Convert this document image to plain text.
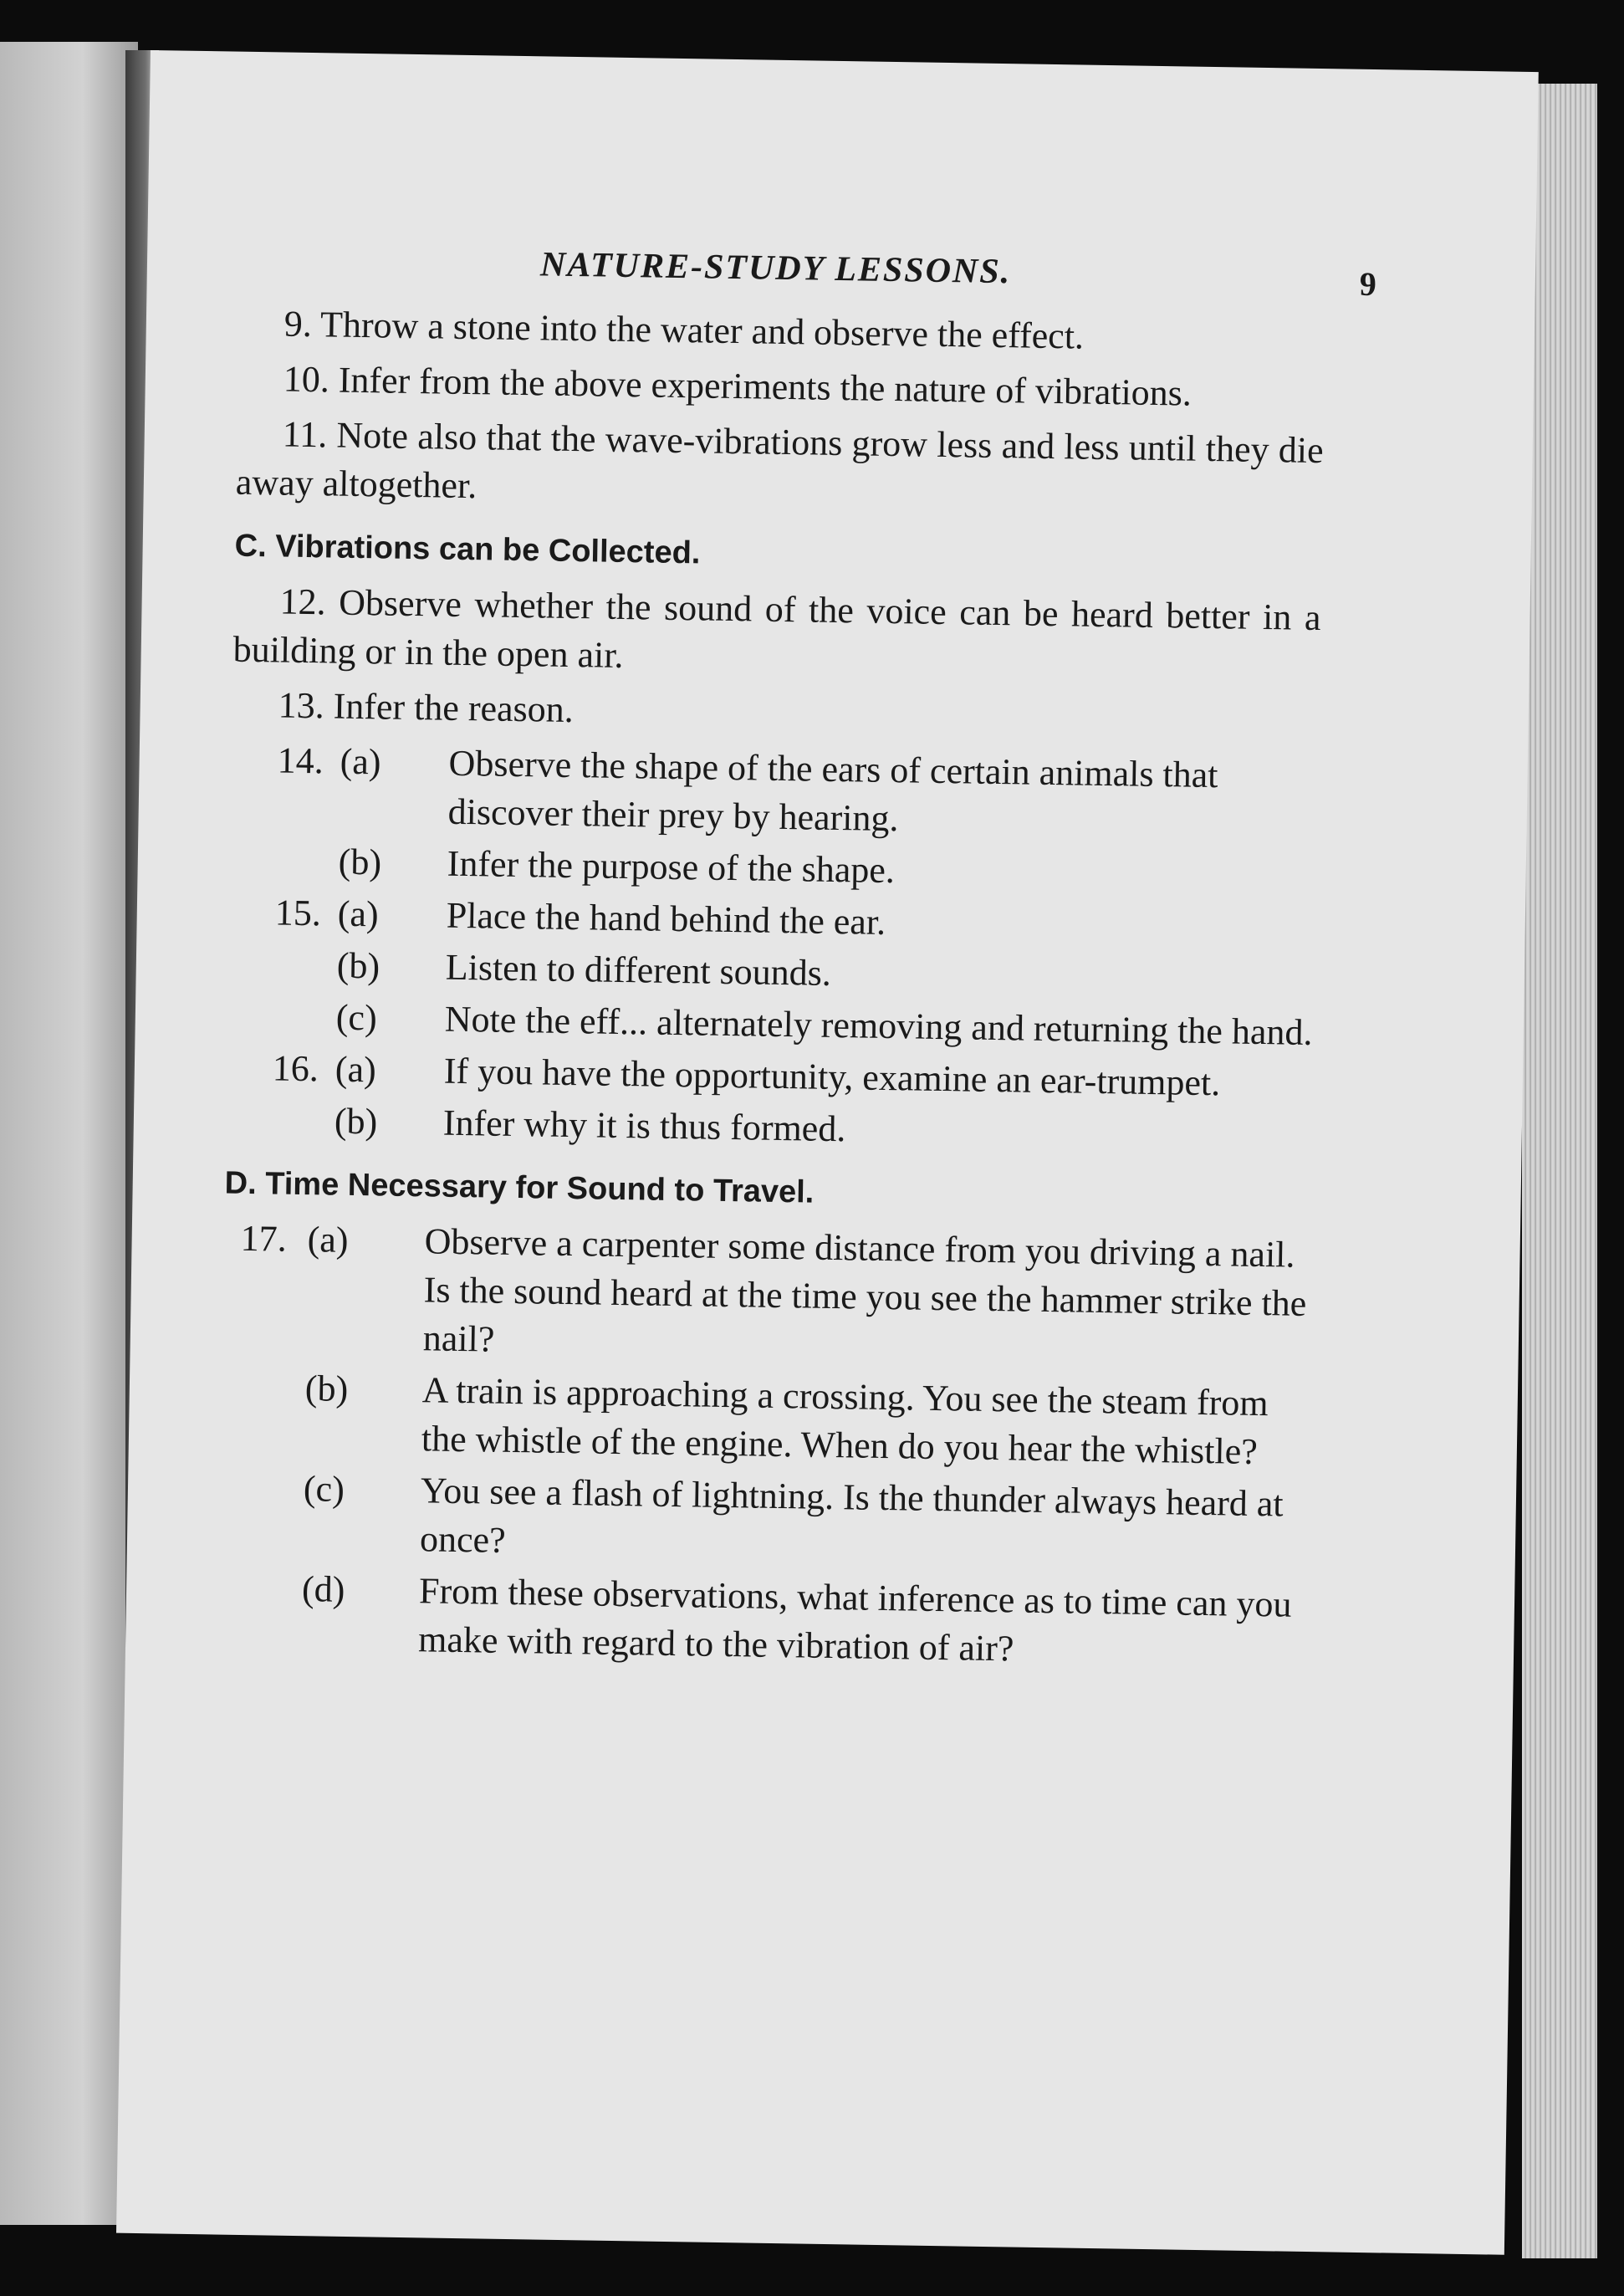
NATURE-STUDY LESSONS.	9

9. Throw a stone into the water and observe the effect.

10. Infer from the above experiments the nature of vibrations.

11. Note also that the wave-vibrations grow less and less until they die away altogether.

C. Vibrations can be Collected.

12. Observe whether the sound of the voice can be heard better in a building or in the open air.

13. Infer the reason.

14. (a) Observe the shape of the ears of certain animals that discover their prey by hearing.
(b) Infer the purpose of the shape.
15. (a) Place the hand behind the ear.
(b) Listen to different sounds.
(c) Note the eff... alternately removing and returning the hand.
16. (a) If you have the opportunity, examine an ear-trumpet.
(b) Infer why it is thus formed.
D. Time Necessary for Sound to Travel.
17. (a) Observe a carpenter some distance from you driving a nail. Is the sound heard at the time you see the hammer strike the nail?
(b) A train is approaching a crossing. You see the steam from the whistle of the engine. When do you hear the whistle?
(c) You see a flash of lightning. Is the thunder always heard at once?
(d) From these observations, what inference as to time can you make with regard to the vibration of air?
